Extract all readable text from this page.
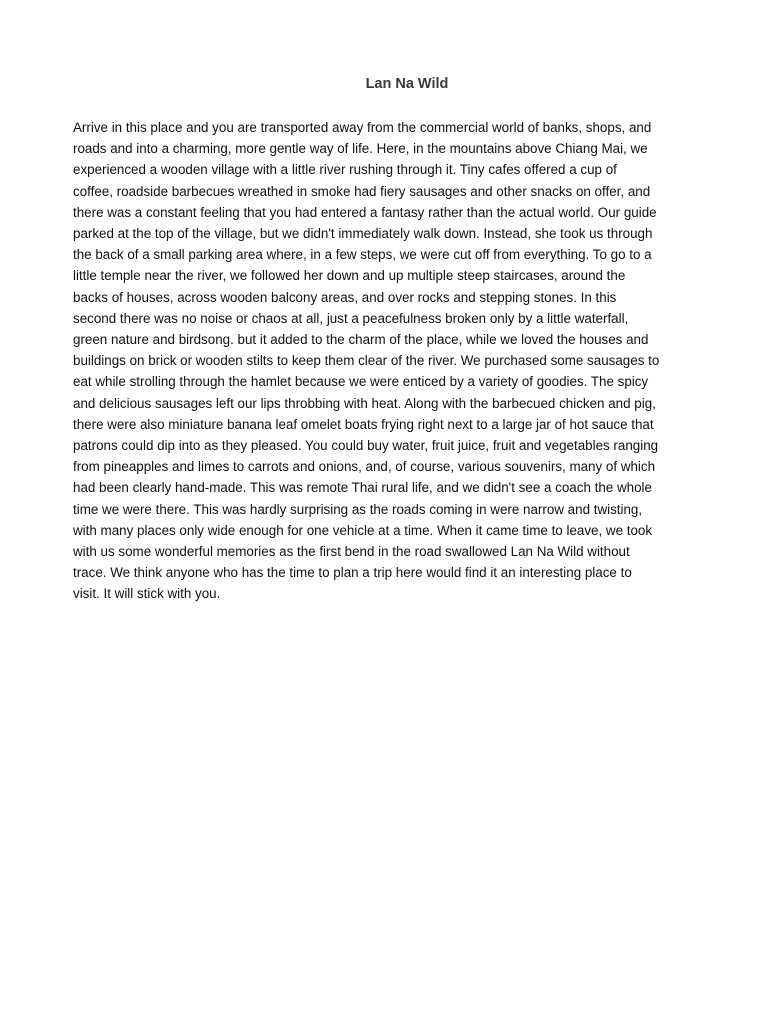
Lan Na Wild
Arrive in this place and you are transported away from the commercial world of banks, shops, and
roads and into a charming, more gentle way of life. Here, in the mountains above Chiang Mai, we
experienced a wooden village with a little river rushing through it. Tiny cafes offered a cup of
coffee, roadside barbecues wreathed in smoke had fiery sausages and other snacks on offer, and
there was a constant feeling that you had entered a fantasy rather than the actual world. Our guide
parked at the top of the village, but we didn't immediately walk down. Instead, she took us through
the back of a small parking area where, in a few steps, we were cut off from everything. To go to a
little temple near the river, we followed her down and up multiple steep staircases, around the
backs of houses, across wooden balcony areas, and over rocks and stepping stones. In this
second there was no noise or chaos at all, just a peacefulness broken only by a little waterfall,
green nature and birdsong. but it added to the charm of the place, while we loved the houses and
buildings on brick or wooden stilts to keep them clear of the river. We purchased some sausages to
eat while strolling through the hamlet because we were enticed by a variety of goodies. The spicy
and delicious sausages left our lips throbbing with heat. Along with the barbecued chicken and pig,
there were also miniature banana leaf omelet boats frying right next to a large jar of hot sauce that
patrons could dip into as they pleased. You could buy water, fruit juice, fruit and vegetables ranging
from pineapples and limes to carrots and onions, and, of course, various souvenirs, many of which
had been clearly hand-made. This was remote Thai rural life, and we didn't see a coach the whole
time we were there. This was hardly surprising as the roads coming in were narrow and twisting,
with many places only wide enough for one vehicle at a time. When it came time to leave, we took
with us some wonderful memories as the first bend in the road swallowed Lan Na Wild without
trace. We think anyone who has the time to plan a trip here would find it an interesting place to
visit. It will stick with you.
